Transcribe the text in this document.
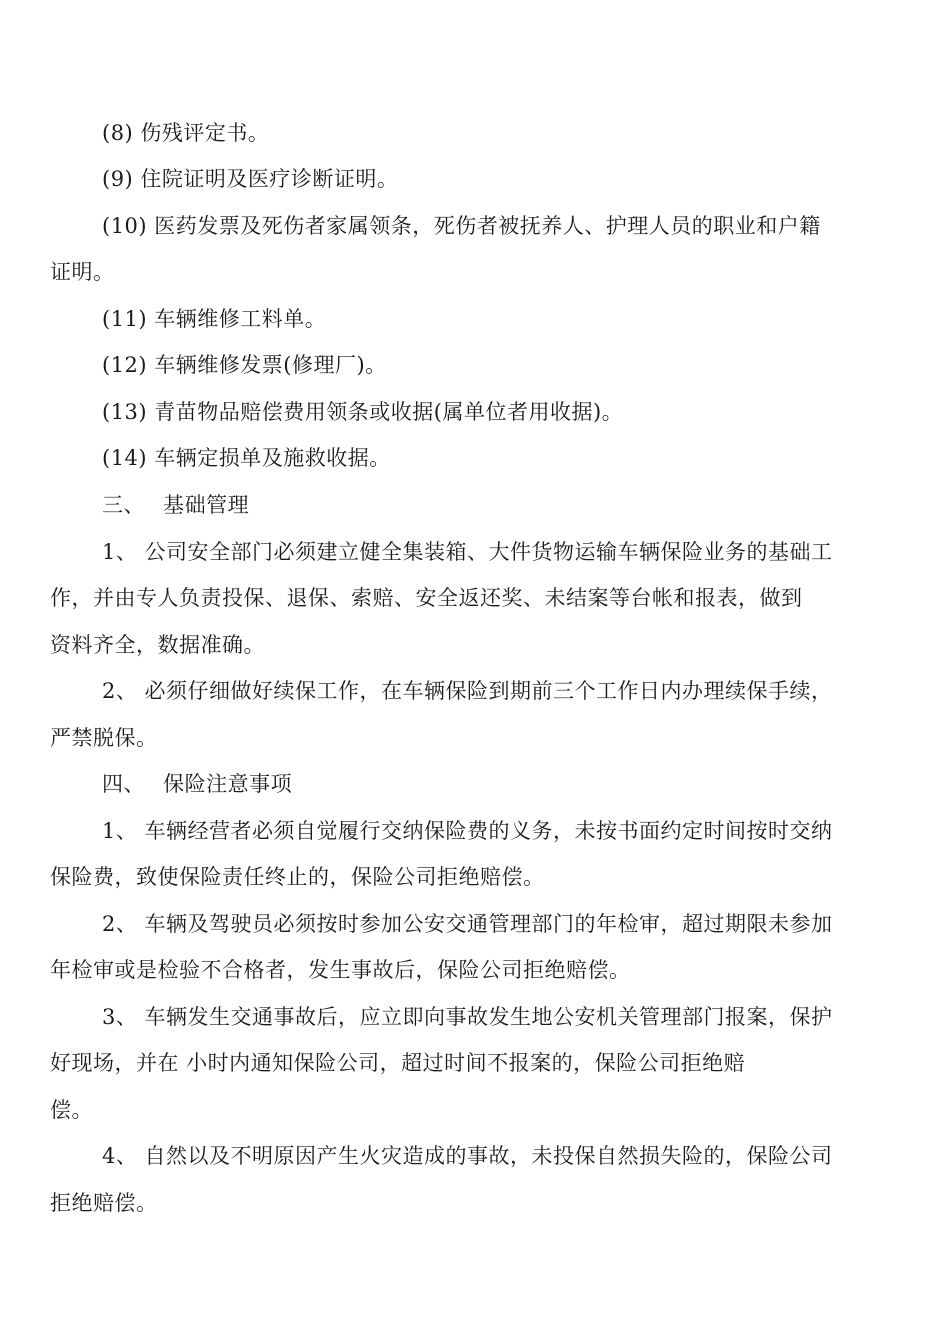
(8) 伤残评定书。
(9) 住院证明及医疗诊断证明。
(10) 医药发票及死伤者家属领条，死伤者被抚养人、护理人员的职业和户籍
证明。
(11) 车辆维修工料单。
(12) 车辆维修发票(修理厂)。
(13) 青苗物品赔偿费用领条或收据(属单位者用收据)。
(14) 车辆定损单及施救收据。
三、　 基础管理
1、 公司安全部门必须建立健全集装箱、大件货物运输车辆保险业务的基础工
作，并由专人负责投保、退保、索赔、安全返还奖、未结案等台帐和报表，做到
资料齐全，数据准确。
2、 必须仔细做好续保工作，在车辆保险到期前三个工作日内办理续保手续，
严禁脱保。
四、　 保险注意事项
1、 车辆经营者必须自觉履行交纳保险费的义务，未按书面约定时间按时交纳
保险费，致使保险责任终止的，保险公司拒绝赔偿。
2、 车辆及驾驶员必须按时参加公安交通管理部门的年检审，超过期限未参加
年检审或是检验不合格者，发生事故后，保险公司拒绝赔偿。
3、 车辆发生交通事故后，应立即向事故发生地公安机关管理部门报案，保护
好现场，并在 小时内通知保险公司，超过时间不报案的，保险公司拒绝赔
偿。
4、 自然以及不明原因产生火灾造成的事故，未投保自然损失险的，保险公司
拒绝赔偿。
